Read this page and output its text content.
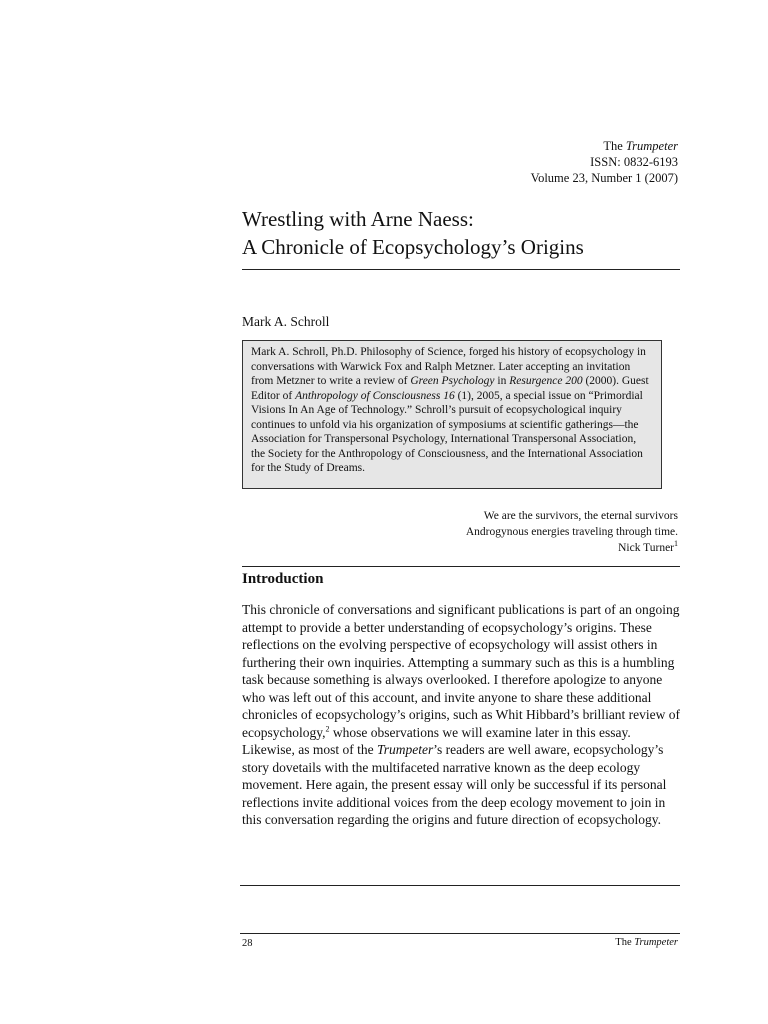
The Trumpeter
ISSN: 0832-6193
Volume 23, Number 1 (2007)
Wrestling with Arne Naess:
A Chronicle of Ecopsychology’s Origins
Mark A. Schroll

Mark A. Schroll, Ph.D. Philosophy of Science, forged his history of ecopsychology in conversations with Warwick Fox and Ralph Metzner. Later accepting an invitation from Metzner to write a review of Green Psychology in Resurgence 200 (2000). Guest Editor of Anthropology of Consciousness 16 (1), 2005, a special issue on “Primordial Visions In An Age of Technology.” Schroll’s pursuit of ecopsychological inquiry continues to unfold via his organization of symposiums at scientific gatherings—the Association for Transpersonal Psychology, International Transpersonal Association, the Society for the Anthropology of Consciousness, and the International Association for the Study of Dreams.

We are the survivors, the eternal survivors
Androgynous energies traveling through time.
Nick Turner$^1$
Introduction

This chronicle of conversations and significant publications is part of an ongoing attempt to provide a better understanding of ecopsychology’s origins. These reflections on the evolving perspective of ecopsychology will assist others in furthering their own inquiries. Attempting a summary such as this is a humbling task because something is always overlooked. I therefore apologize to anyone who was left out of this account, and invite anyone to share these additional chronicles of ecopsychology’s origins, such as Whit Hibbard’s brilliant review of ecopsychology,$^2$ whose observations we will examine later in this essay. Likewise, as most of the Trumpeter’s readers are well aware, ecopsychology’s story dovetails with the multifaceted narrative known as the deep ecology movement. Here again, the present essay will only be successful if its personal reflections invite additional voices from the deep ecology movement to join in this conversation regarding the origins and future direction of ecopsychology.

28	The Trumpeter
